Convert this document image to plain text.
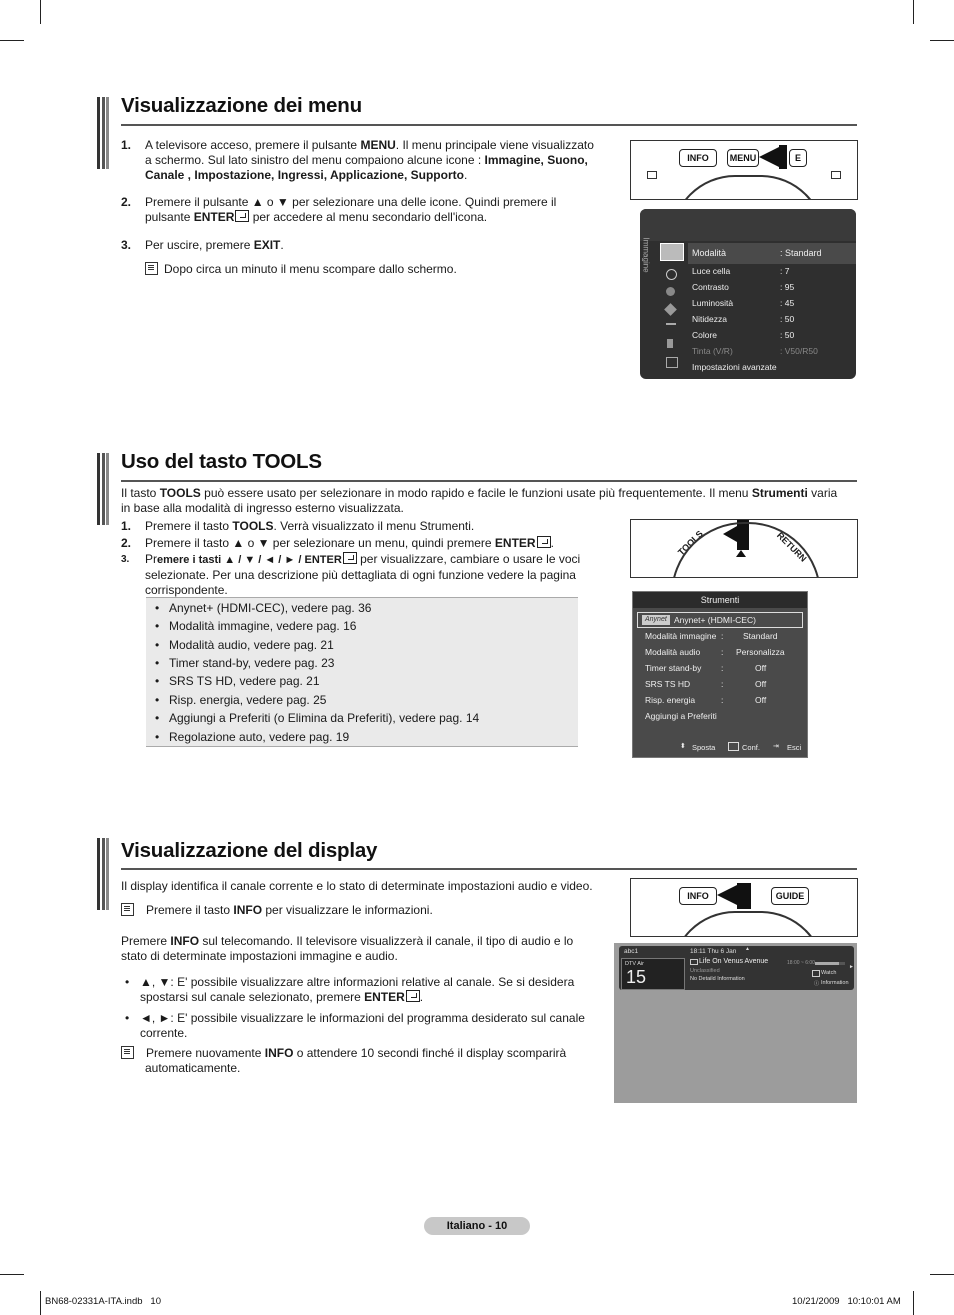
Visualizzazione dei menu
1. A televisore acceso, premere il pulsante MENU. Il menu principale viene visualizzato
a schermo. Sul lato sinistro del menu compaiono alcune icone : Immagine, Suono,
Canale , Impostazione, Ingressi, Applicazione, Supporto.
2. Premere il pulsante ▲ o ▼ per selezionare una delle icone. Quindi premere il
pulsante ENTER per accedere al menu secondario dell'icona.
3. Per uscire, premere EXIT.
Dopo circa un minuto il menu scompare dallo schermo.
INFO	MENU	E
Immagine	Modalità	: Standard
Luce cella	: 7
Contrasto	: 95
Luminosità	: 45
Nitidezza	: 50
Colore	: 50
Tinta (V/R)	: V50/R50
Impostazioni avanzate
Uso del tasto TOOLS
Il tasto TOOLS può essere usato per selezionare in modo rapido e facile le funzioni usate più frequentemente. Il menu Strumenti varia
in base alla modalità di ingresso esterno visualizzata.
1. Premere il tasto TOOLS. Verrà visualizzato il menu Strumenti.
2. Premere il tasto ▲ o ▼ per selezionare un menu, quindi premere ENTER .
3. Premere i tasti ▲ / ▼ / ◄ / ► / ENTER per visualizzare, cambiare o usare le voci
selezionate. Per una descrizione più dettagliata di ogni funzione vedere la pagina
corrispondente.
Anynet+ (HDMI-CEC), vedere pag. 36
Modalità immagine, vedere pag. 16
Modalità audio, vedere pag. 21
Timer stand-by, vedere pag. 23
SRS TS HD, vedere pag. 21
Risp. energia, vedere pag. 25
Aggiungi a Preferiti (o Elimina da Preferiti), vedere pag. 14
Regolazione auto, vedere pag. 19
TOOLS	RETURN
Strumenti
Anynet Anynet+ (HDMI-CEC)
Modalità immagine : Standard
Modalità audio : Personalizza
Timer stand-by :	Off
SRS TS HD	:	Off
Risp. energia	:	Off
Aggiungi a Preferiti
⬍ Sposta	Conf. ⇥ Esci
Visualizzazione del display
Il display identifica il canale corrente e lo stato di determinate impostazioni audio e video.
Premere il tasto INFO per visualizzare le informazioni.
Premere INFO sul telecomando. Il televisore visualizzerà il canale, il tipo di audio e lo
stato di determinate impostazioni immagine e audio.
• ▲, ▼: E' possibile visualizzare altre informazioni relative al canale. Se si desidera
spostarsi sul canale selezionato, premere ENTER .
• ◄, ►: E' possibile visualizzare le informazioni del programma desiderato sul canale
corrente.
Premere nuovamente INFO o attendere 10 secondi finché il display scomparirà
automaticamente.
INFO	GUIDE
abc1
DTV Air
15
18:11 Thu 6 Jan ▲
Life On Venus Avenue
Unclassified
No Detaild Information
18:00 ~ 6:00
Watch
ⓘ Information
►
Italiano - 10
BN68-02331A-ITA.indb   10	10/21/2009   10:10:01 AM
